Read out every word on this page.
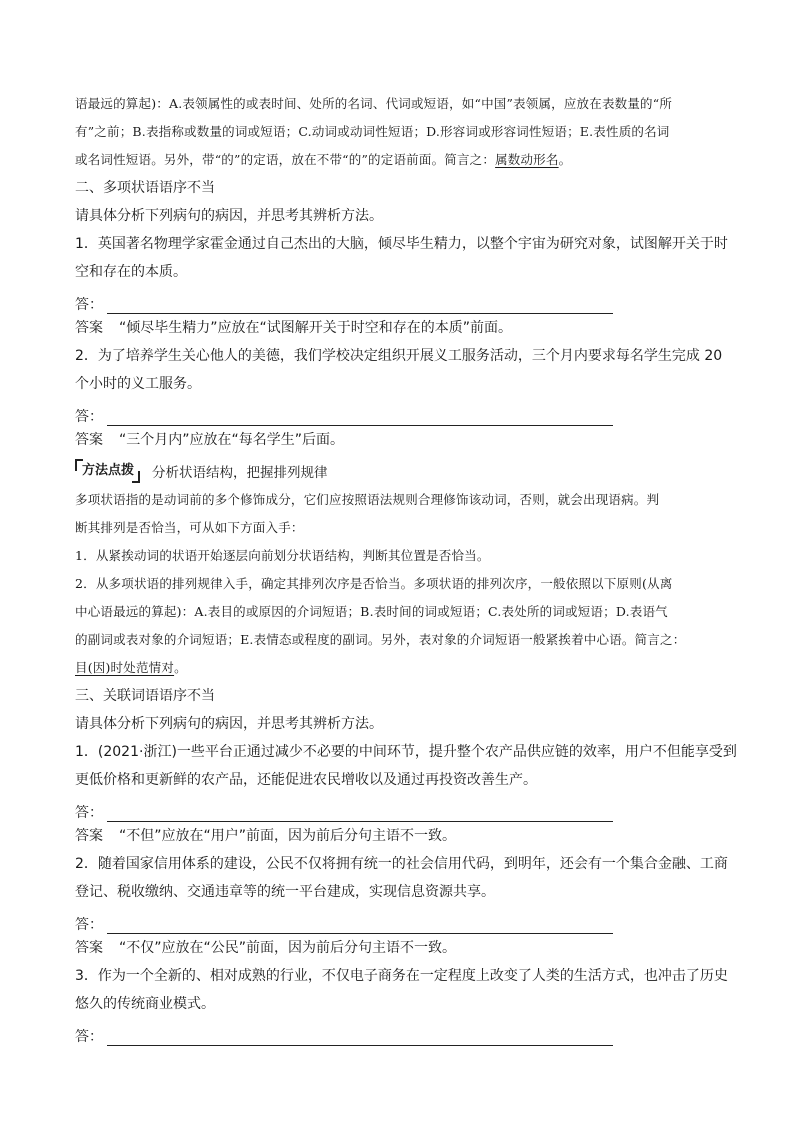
语最远的算起)：A.表领属性的或表时间、处所的名词、代词或短语，如“中国”表领属，应放在表数量的“所
有”之前；B.表指称或数量的词或短语；C.动词或动词性短语；D.形容词或形容词性短语；E.表性质的名词
或名词性短语。另外，带“的”的定语，放在不带“的”的定语前面。简言之：属数动形名。
二、多项状语语序不当
请具体分析下列病句的病因，并思考其辨析方法。
1．英国著名物理学家霍金通过自己杰出的大脑，倾尽毕生精力，以整个宇宙为研究对象，试图解开关于时
空和存在的本质。
答：
答案 “倾尽毕生精力”应放在“试图解开关于时空和存在的本质”前面。
2．为了培养学生关心他人的美德，我们学校决定组织开展义工服务活动，三个月内要求每名学生完成 20
个小时的义工服务。
答：
答案 “三个月内”应放在“每名学生”后面。
方法点拨	分析状语结构，把握排列规律
多项状语指的是动词前的多个修饰成分，它们应按照语法规则合理修饰该动词，否则，就会出现语病。判
断其排列是否恰当，可从如下方面入手：
1．从紧挨动词的状语开始逐层向前划分状语结构，判断其位置是否恰当。
2．从多项状语的排列规律入手，确定其排列次序是否恰当。多项状语的排列次序，一般依照以下原则(从离
中心语最远的算起)：A.表目的或原因的介词短语；B.表时间的词或短语；C.表处所的词或短语；D.表语气
的副词或表对象的介词短语；E.表情态或程度的副词。另外，表对象的介词短语一般紧挨着中心语。简言之：
目(因)时处范情对。
三、关联词语语序不当
请具体分析下列病句的病因，并思考其辨析方法。
1．(2021·浙江)一些平台正通过减少不必要的中间环节，提升整个农产品供应链的效率，用户不但能享受到
更低价格和更新鲜的农产品，还能促进农民增收以及通过再投资改善生产。
答：
答案 “不但”应放在“用户”前面，因为前后分句主语不一致。
2．随着国家信用体系的建设，公民不仅将拥有统一的社会信用代码，到明年，还会有一个集合金融、工商
登记、税收缴纳、交通违章等的统一平台建成，实现信息资源共享。
答：
答案 “不仅”应放在“公民”前面，因为前后分句主语不一致。
3．作为一个全新的、相对成熟的行业，不仅电子商务在一定程度上改变了人类的生活方式，也冲击了历史
悠久的传统商业模式。
答：
